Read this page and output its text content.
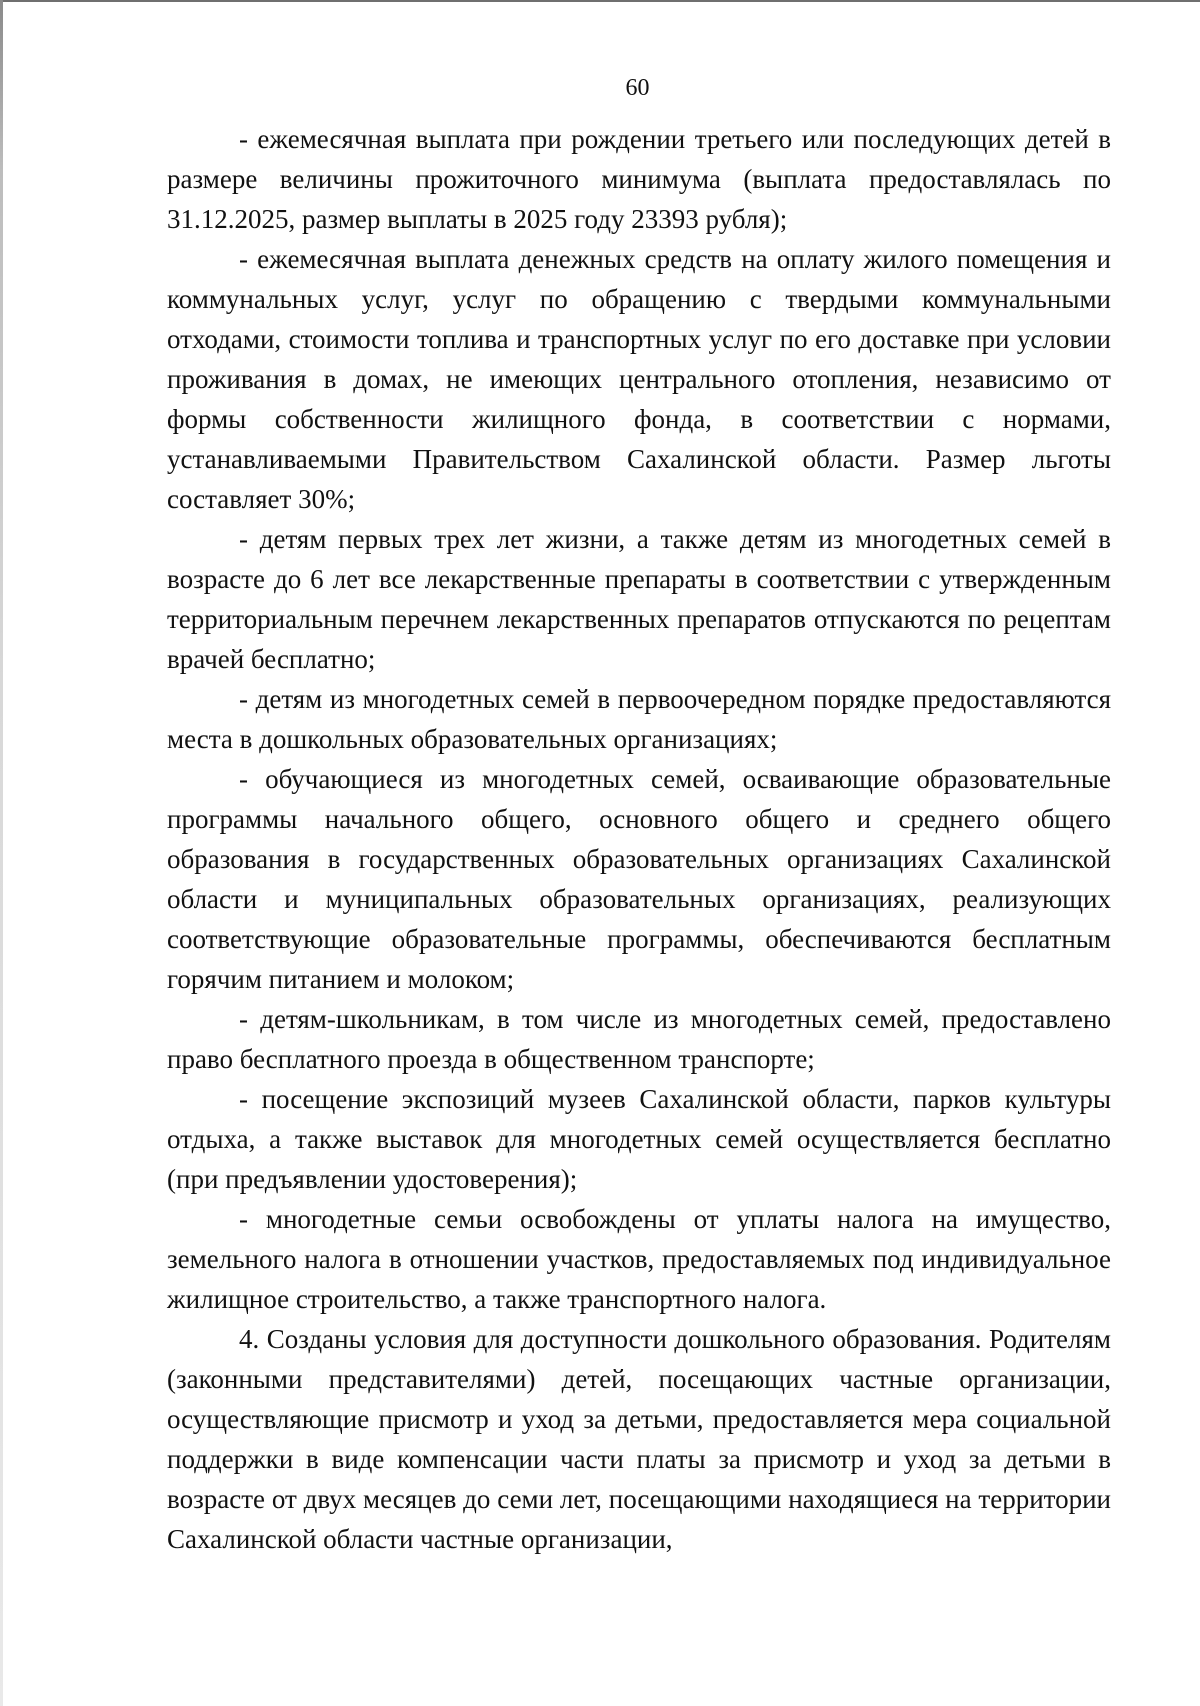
60

- ежемесячная выплата при рождении третьего или последующих детей в размере величины прожиточного минимума (выплата предоставлялась по 31.12.2025, размер выплаты в 2025 году 23393 рубля);

- ежемесячная выплата денежных средств на оплату жилого помещения и коммунальных услуг, услуг по обращению с твердыми коммунальными отходами, стоимости топлива и транспортных услуг по его доставке при условии проживания в домах, не имеющих центрального отопления, независимо от формы собственности жилищного фонда, в соответствии с нормами, устанавливаемыми Правительством Сахалинской области. Размер льготы составляет 30%;

- детям первых трех лет жизни, а также детям из многодетных семей в возрасте до 6 лет все лекарственные препараты в соответствии с утвержденным территориальным перечнем лекарственных препаратов отпускаются по рецептам врачей бесплатно;

- детям из многодетных семей в первоочередном порядке предоставляются места в дошкольных образовательных организациях;

- обучающиеся из многодетных семей, осваивающие образовательные программы начального общего, основного общего и среднего общего образования в государственных образовательных организациях Сахалинской области и муниципальных образовательных организациях, реализующих соответствующие образовательные программы, обеспечиваются бесплатным горячим питанием и молоком;

- детям-школьникам, в том числе из многодетных семей, предоставлено право бесплатного проезда в общественном транспорте;

- посещение экспозиций музеев Сахалинской области, парков культуры отдыха, а также выставок для многодетных семей осуществляется бесплатно (при предъявлении удостоверения);

- многодетные семьи освобождены от уплаты налога на имущество, земельного налога в отношении участков, предоставляемых под индивидуальное жилищное строительство, а также транспортного налога.

4. Созданы условия для доступности дошкольного образования. Родителям (законными представителями) детей, посещающих частные организации, осуществляющие присмотр и уход за детьми, предоставляется мера социальной поддержки в виде компенсации части платы за присмотр и уход за детьми в возрасте от двух месяцев до семи лет, посещающими находящиеся на территории Сахалинской области частные организации,
